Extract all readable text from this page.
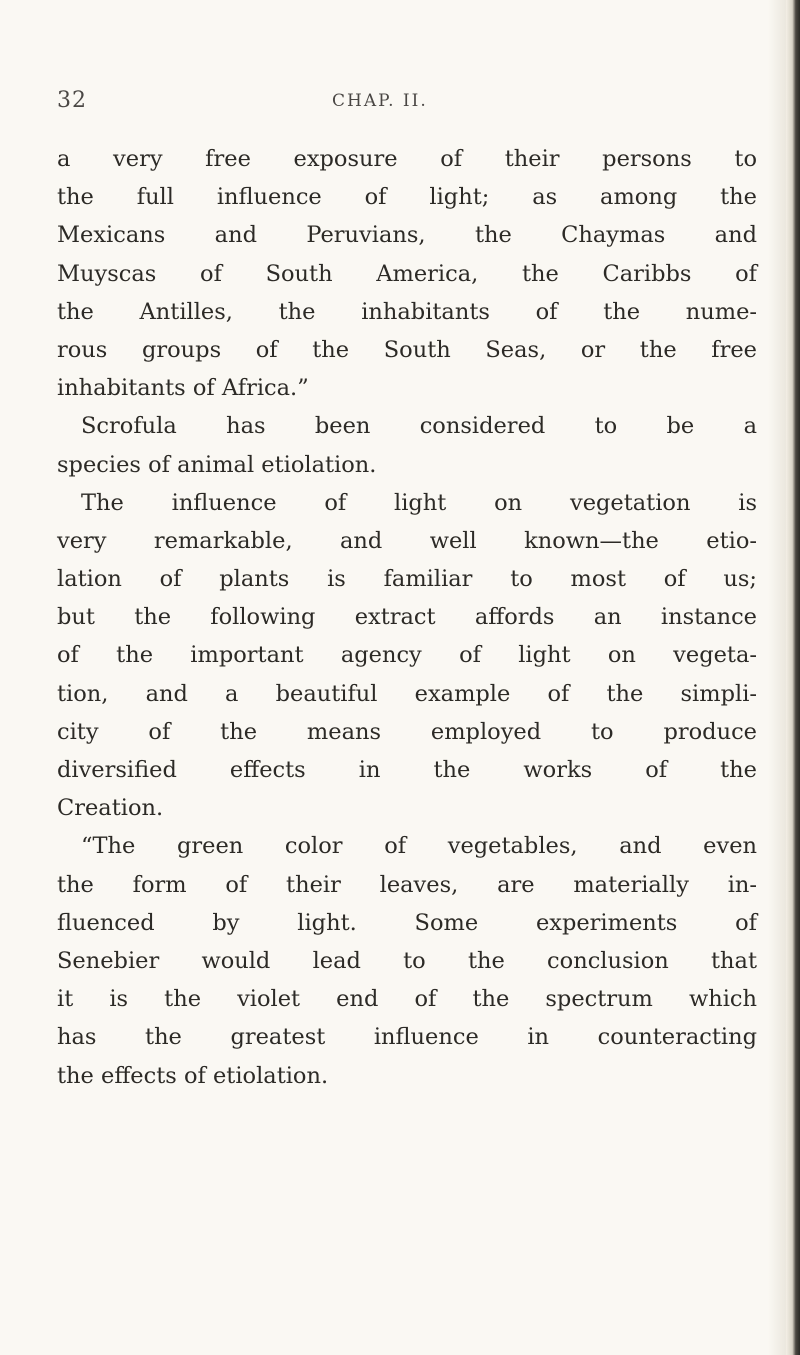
32	CHAP. II.
a very free exposure of their persons to
the full influence of light; as among the
Mexicans and Peruvians, the Chaymas and
Muyscas of South America, the Caribbs of
the Antilles, the inhabitants of the nume-
rous groups of the South Seas, or the free
inhabitants of Africa.”
Scrofula has been considered to be a
species of animal etiolation.
The influence of light on vegetation is
very remarkable, and well known—the etio-
lation of plants is familiar to most of us;
but the following extract affords an instance
of the important agency of light on vegeta-
tion, and a beautiful example of the simpli-
city of the means employed to produce
diversified effects in the works of the
Creation.
“The green color of vegetables, and even
the form of their leaves, are materially in-
fluenced by light. Some experiments of
Senebier would lead to the conclusion that
it is the violet end of the spectrum which
has the greatest influence in counteracting
the effects of etiolation.
